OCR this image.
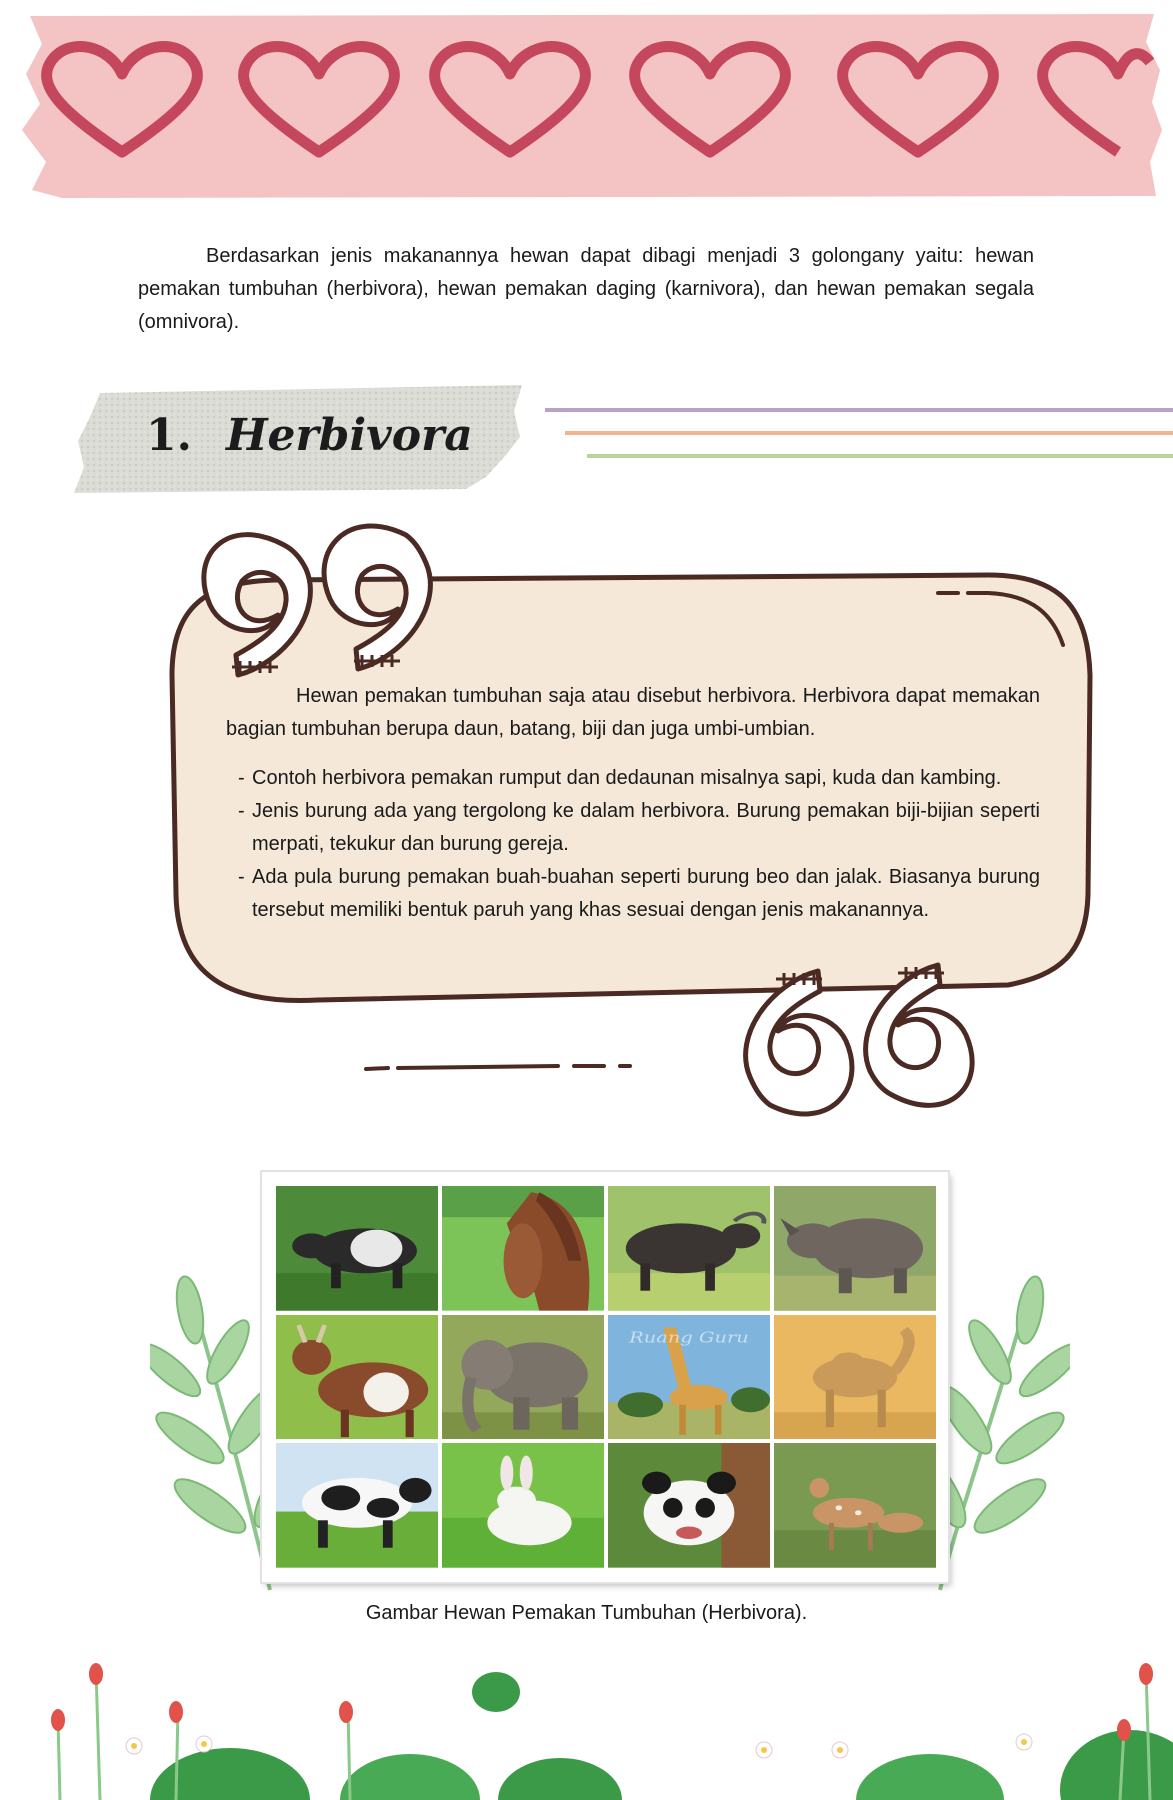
Berdasarkan jenis makanannya hewan dapat dibagi menjadi 3 golongany yaitu: hewan pemakan tumbuhan (herbivora), hewan pemakan daging (karnivora), dan hewan pemakan segala (omnivora).

1. Herbivora

Hewan pemakan tumbuhan saja atau disebut herbivora. Herbivora dapat memakan bagian tumbuhan berupa daun, batang, biji dan juga umbi-umbian.

- Contoh herbivora pemakan rumput dan dedaunan misalnya sapi, kuda dan kambing.
- Jenis burung ada yang tergolong ke dalam herbivora. Burung pemakan biji-bijian seperti merpati, tekukur dan burung gereja.
- Ada pula burung pemakan buah-buahan seperti burung beo dan jalak. Biasanya burung tersebut memiliki bentuk paruh yang khas sesuai dengan jenis makanannya.
Ruang Guru
Gambar Hewan Pemakan Tumbuhan (Herbivora).
